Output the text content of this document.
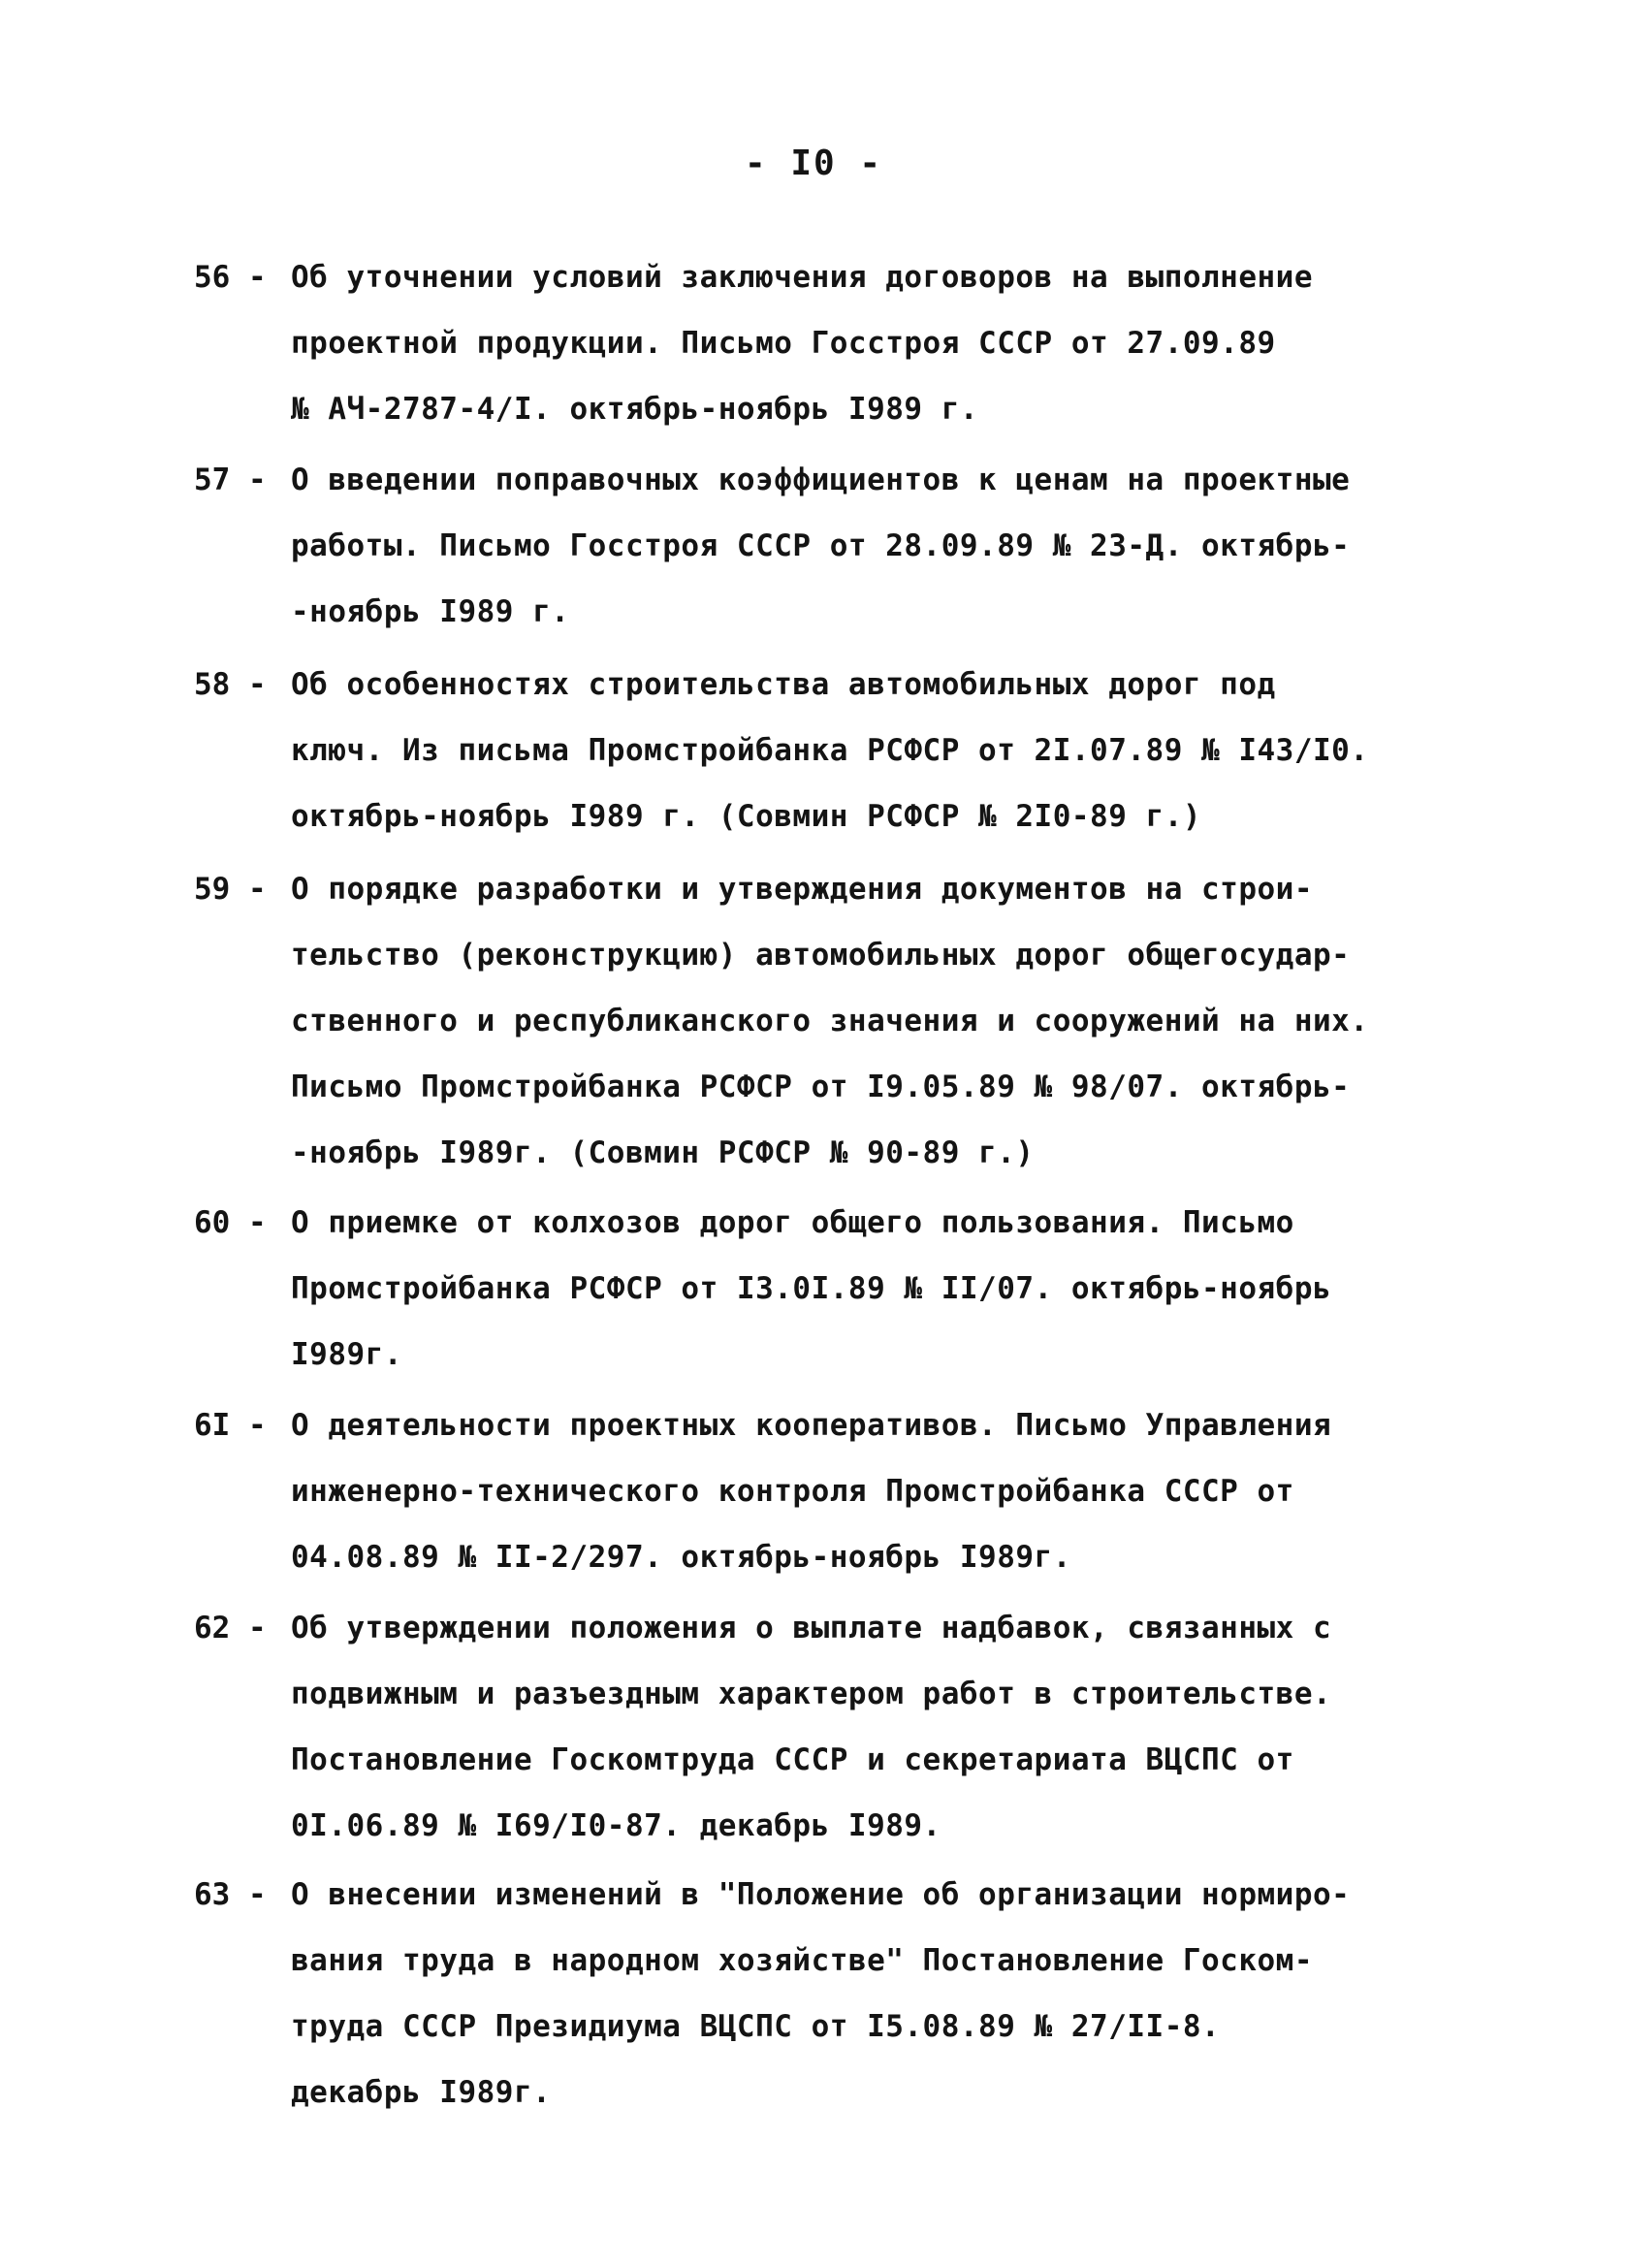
- I0 -
56 - Об уточнении условий заключения договоров на выполнение
проектной продукции. Письмо Госстроя СССР от 27.09.89
№ АЧ-2787-4/I. октябрь-ноябрь I989 г.
57 - О введении поправочных коэффициентов к ценам на проектные
работы. Письмо Госстроя СССР от 28.09.89 № 23-Д. октябрь-
-ноябрь I989 г.
58 - Об особенностях строительства автомобильных дорог под
ключ. Из письма Промстройбанка РСФСР от 2I.07.89 № I43/I0.
октябрь-ноябрь I989 г. (Совмин РСФСР № 2I0-89 г.)
59 - О порядке разработки и утверждения документов на строи-
тельство (реконструкцию) автомобильных дорог общегосудар-
ственного и республиканского значения и сооружений на них.
Письмо Промстройбанка РСФСР от I9.05.89 № 98/07. октябрь-
-ноябрь I989г. (Совмин РСФСР № 90-89 г.)
60 - О приемке от колхозов дорог общего пользования. Письмо
Промстройбанка РСФСР от I3.0I.89 № II/07. октябрь-ноябрь
I989г.
6I - О деятельности проектных кооперативов. Письмо Управления
инженерно-технического контроля Промстройбанка СССР от
04.08.89 № II-2/297. октябрь-ноябрь I989г.
62 - Об утверждении положения о выплате надбавок, связанных с
подвижным и разъездным характером работ в строительстве.
Постановление Госкомтруда СССР и секретариата ВЦСПС от
0I.06.89 № I69/I0-87. декабрь I989.
63 - О внесении изменений в "Положение об организации нормиро-
вания труда в народном хозяйстве" Постановление Госком-
труда СССР Президиума ВЦСПС от I5.08.89 № 27/II-8.
декабрь I989г.
